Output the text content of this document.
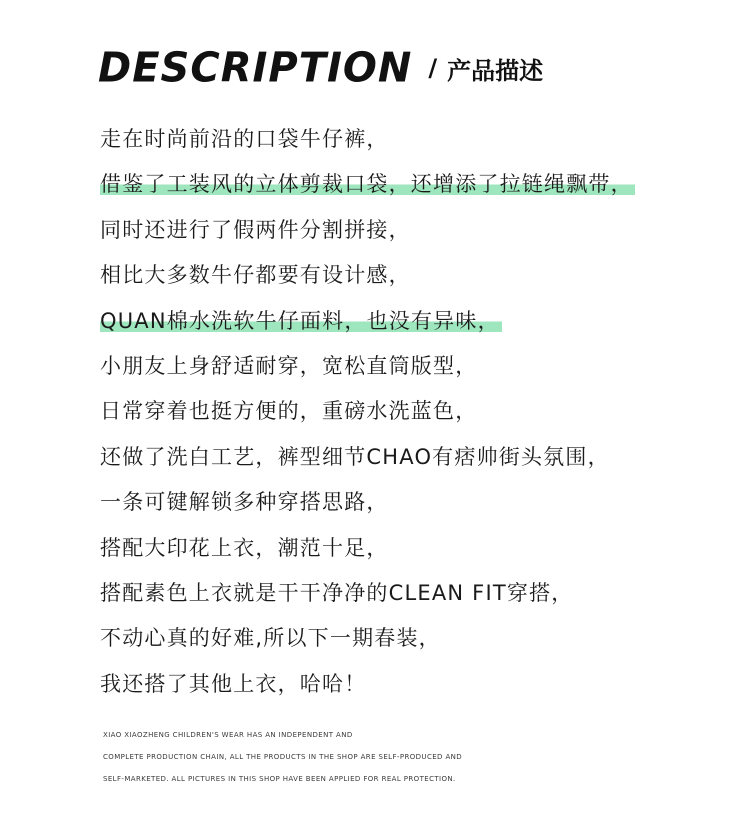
DESCRIPTION / 产品描述
走在时尚前沿的口袋牛仔裤，
借鉴了工装风的立体剪裁口袋，还增添了拉链绳飘带，
同时还进行了假两件分割拼接，
相比大多数牛仔都要有设计感，
QUAN棉水洗软牛仔面料，也没有异味，
小朋友上身舒适耐穿，宽松直筒版型，
日常穿着也挺方便的，重磅水洗蓝色，
还做了洗白工艺，裤型细节CHAO有痞帅街头氛围，
一条可键解锁多种穿搭思路，
搭配大印花上衣，潮范十足，
搭配素色上衣就是干干净净的CLEAN FIT穿搭，
不动心真的好难,所以下一期春装，
我还搭了其他上衣，哈哈！
XIAO XIAOZHENG CHILDREN'S WEAR HAS AN INDEPENDENT AND
COMPLETE PRODUCTION CHAIN, ALL THE PRODUCTS IN THE SHOP ARE SELF-PRODUCED AND
SELF-MARKETED. ALL PICTURES IN THIS SHOP HAVE BEEN APPLIED FOR REAL PROTECTION.
